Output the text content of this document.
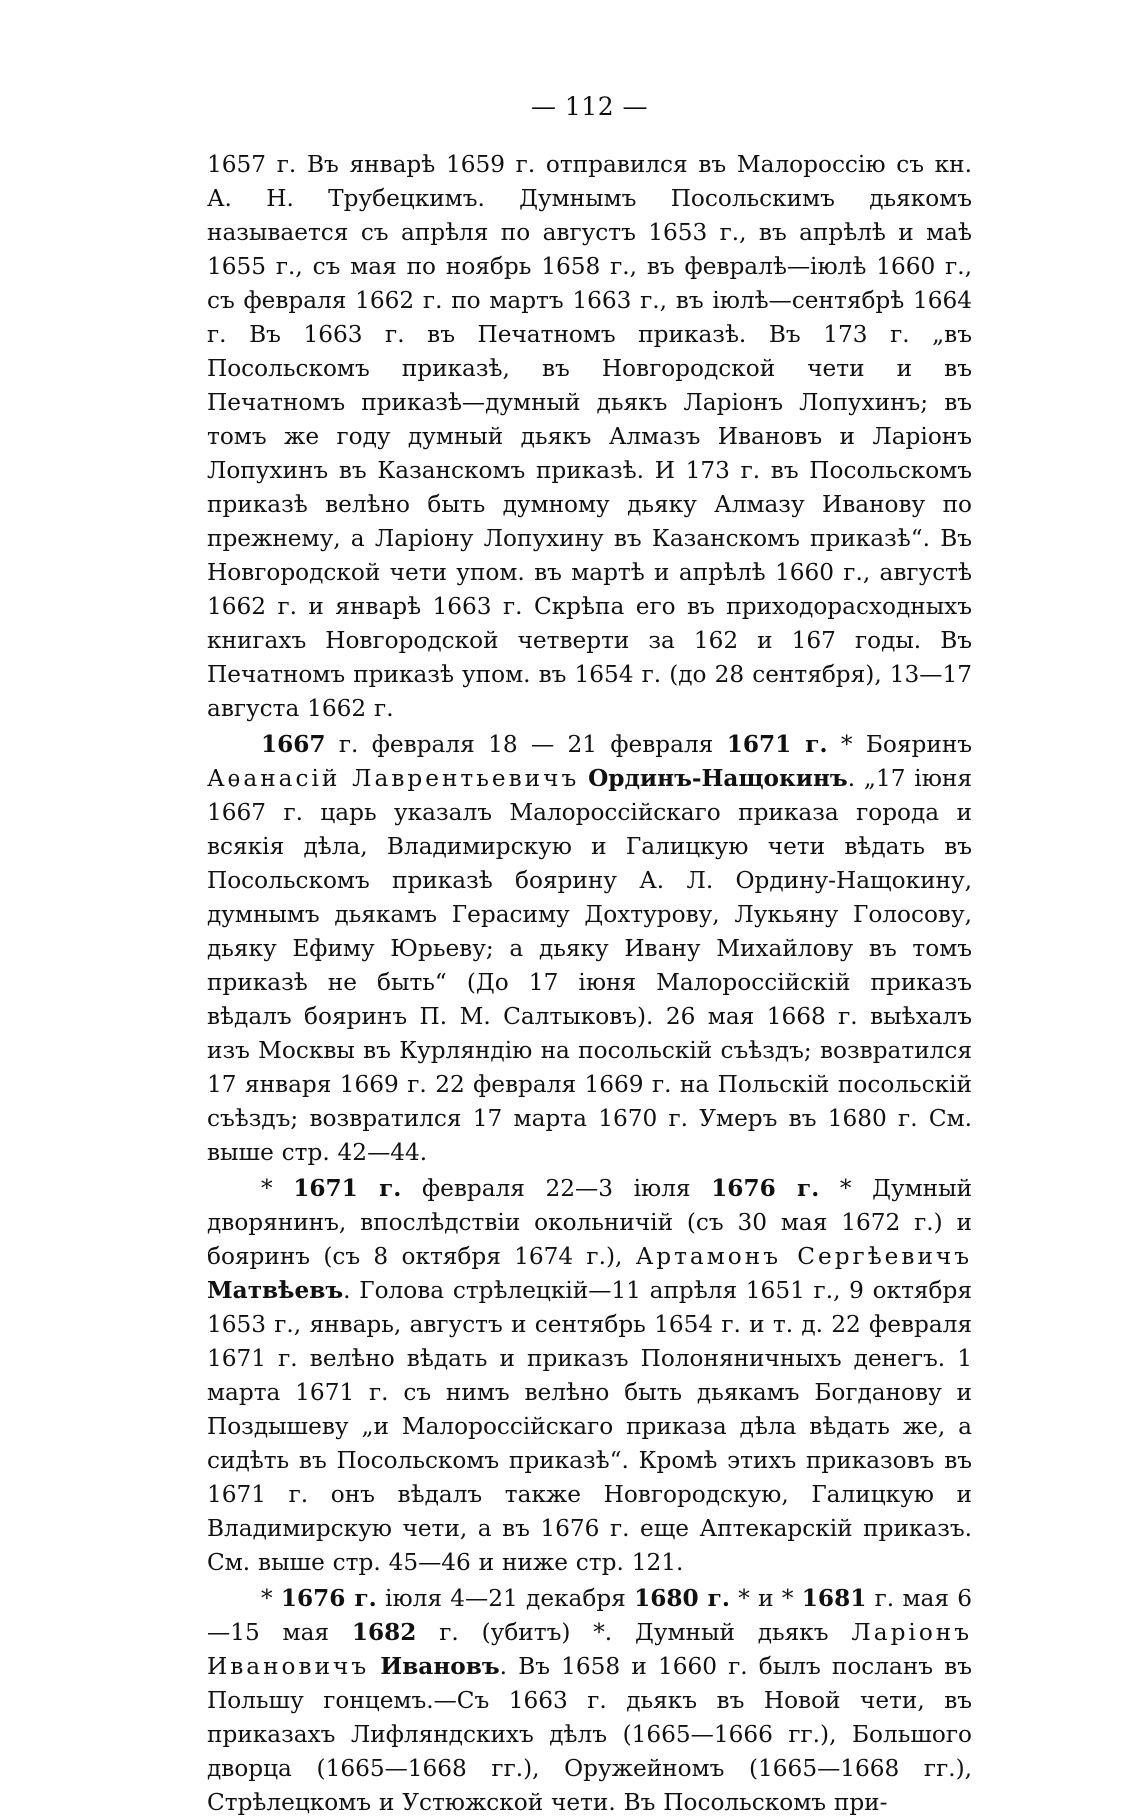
— 112 —

1657 г. Въ январѣ 1659 г. отправился въ Малороссію съ кн. А. Н. Трубецкимъ. Думнымъ Посольскимъ дьякомъ называется съ апрѣля по августъ 1653 г., въ апрѣлѣ и маѣ 1655 г., съ мая по ноябрь 1658 г., въ февралѣ—іюлѣ 1660 г., съ февраля 1662 г. по мартъ 1663 г., въ іюлѣ—сентябрѣ 1664 г. Въ 1663 г. въ Печатномъ приказѣ. Въ 173 г. „въ Посольскомъ приказѣ, въ Новгородской чети и въ Печатномъ приказѣ—думный дьякъ Ларіонъ Лопухинъ; въ томъ же году думный дьякъ Алмазъ Ивановъ и Ларіонъ Лопухинъ въ Казанскомъ приказѣ. И 173 г. въ Посольскомъ приказѣ велѣно быть думному дьяку Алмазу Иванову по прежнему, а Ларіону Лопухину въ Казанскомъ приказѣ“. Въ Новгородской чети упом. въ мартѣ и апрѣлѣ 1660 г., августѣ 1662 г. и январѣ 1663 г. Скрѣпа его въ приходорасходныхъ книгахъ Новгородской четверти за 162 и 167 годы. Въ Печатномъ приказѣ упом. въ 1654 г. (до 28 сентября), 13—17 августа 1662 г.

1667 г. февраля 18 — 21 февраля 1671 г. * Бояринъ Аѳанасій Лаврентьевичъ Ординъ-Нащокинъ. „17 іюня 1667 г. царь указалъ Малороссійскаго приказа города и всякія дѣла, Владимирскую и Галицкую чети вѣдать въ Посольскомъ приказѣ боярину А. Л. Ордину-Нащокину, думнымъ дьякамъ Герасиму Дохтурову, Лукьяну Голосову, дьяку Ефиму Юрьеву; а дьяку Ивану Михайлову въ томъ приказѣ не быть“ (До 17 іюня Малороссійскій приказъ вѣдалъ бояринъ П. М. Салтыковъ). 26 мая 1668 г. выѣхалъ изъ Москвы въ Курляндію на посольскій съѣздъ; возвратился 17 января 1669 г. 22 февраля 1669 г. на Польскій посольскій съѣздъ; возвратился 17 марта 1670 г. Умеръ въ 1680 г. См. выше стр. 42—44.

* 1671 г. февраля 22—3 іюля 1676 г. * Думный дворянинъ, впослѣдствіи окольничій (съ 30 мая 1672 г.) и бояринъ (съ 8 октября 1674 г.), Артамонъ Сергѣевичъ Матвѣевъ. Голова стрѣлецкій—11 апрѣля 1651 г., 9 октября 1653 г., январь, августъ и сентябрь 1654 г. и т. д. 22 февраля 1671 г. велѣно вѣдать и приказъ Полоняничныхъ денегъ. 1 марта 1671 г. съ нимъ велѣно быть дьякамъ Богданову и Поздышеву „и Малороссійскаго приказа дѣла вѣдать же, а сидѣть въ Посольскомъ приказѣ“. Кромѣ этихъ приказовъ въ 1671 г. онъ вѣдалъ также Новгородскую, Галицкую и Владимирскую чети, а въ 1676 г. еще Аптекарскій приказъ. См. выше стр. 45—46 и ниже стр. 121.

* 1676 г. іюля 4—21 декабря 1680 г. * и * 1681 г. мая 6—15 мая 1682 г. (убитъ) *. Думный дьякъ Ларіонъ Ивановичъ Ивановъ. Въ 1658 и 1660 г. былъ посланъ въ Польшу гонцемъ.—Съ 1663 г. дьякъ въ Новой чети, въ приказахъ Лифляндскихъ дѣлъ (1665—1666 гг.), Большого дворца (1665—1668 гг.), Оружейномъ (1665—1668 гг.), Стрѣлецкомъ и Устюжской чети. Въ Посольскомъ при-
